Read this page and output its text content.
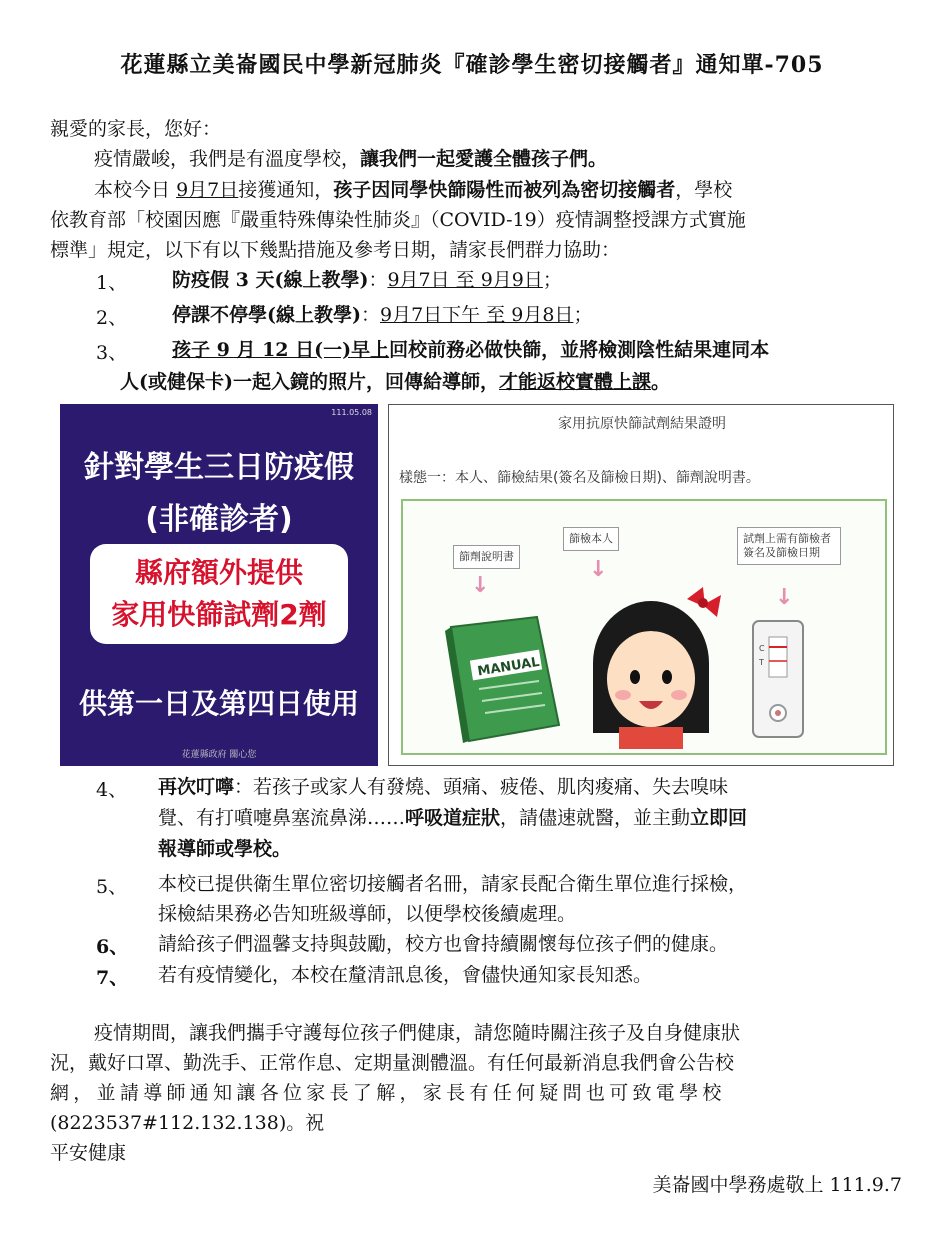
花蓮縣立美崙國民中學新冠肺炎『確診學生密切接觸者』通知單-705
親愛的家長，您好：
疫情嚴峻，我們是有溫度學校，讓我們一起愛護全體孩子們。
本校今日 9月7日接獲通知，孩子因同學快篩陽性而被列為密切接觸者，學校
依教育部「校園因應『嚴重特殊傳染性肺炎』（COVID-19）疫情調整授課方式實施
標準」規定，以下有以下幾點措施及參考日期，請家長們群力協助：
1、 防疫假 3 天(線上教學)：9月7日 至 9月9日；
2、 停課不停學(線上教學)：9月7日下午 至 9月8日；
3、 孩子 9 月 12 日(一)早上回校前務必做快篩，並將檢測陰性結果連同本
人(或健保卡)一起入鏡的照片，回傳給導師，才能返校實體上課。
111.05.08
針對學生三日防疫假
(非確診者)
縣府額外提供
家用快篩試劑2劑
供第一日及第四日使用
花蓮縣政府 關心您
家用抗原快篩試劑結果證明
樣態一：本人、篩檢結果(簽名及篩檢日期)、篩劑說明書。
篩劑說明書
篩檢本人	試劑上需有篩檢者簽名及篩檢日期
↓
↓
↓
MANUAL
C
T
4、 再次叮嚀：若孩子或家人有發燒、頭痛、疲倦、肌肉痠痛、失去嗅味
覺、有打噴嚏鼻塞流鼻涕……呼吸道症狀，請儘速就醫，並主動立即回
報導師或學校。
5、 本校已提供衛生單位密切接觸者名冊，請家長配合衛生單位進行採檢，
採檢結果務必告知班級導師，以便學校後續處理。
6、 請給孩子們溫馨支持與鼓勵，校方也會持續關懷每位孩子們的健康。
7、 若有疫情變化，本校在釐清訊息後，會儘快通知家長知悉。
疫情期間，讓我們攜手守護每位孩子們健康，請您隨時關注孩子及自身健康狀
況，戴好口罩、勤洗手、正常作息、定期量測體溫。有任何最新消息我們會公告校
網，並請導師通知讓各位家長了解，家長有任何疑問也可致電學校
(8223537#112.132.138)。祝
平安健康
美崙國中學務處敬上 111.9.7
